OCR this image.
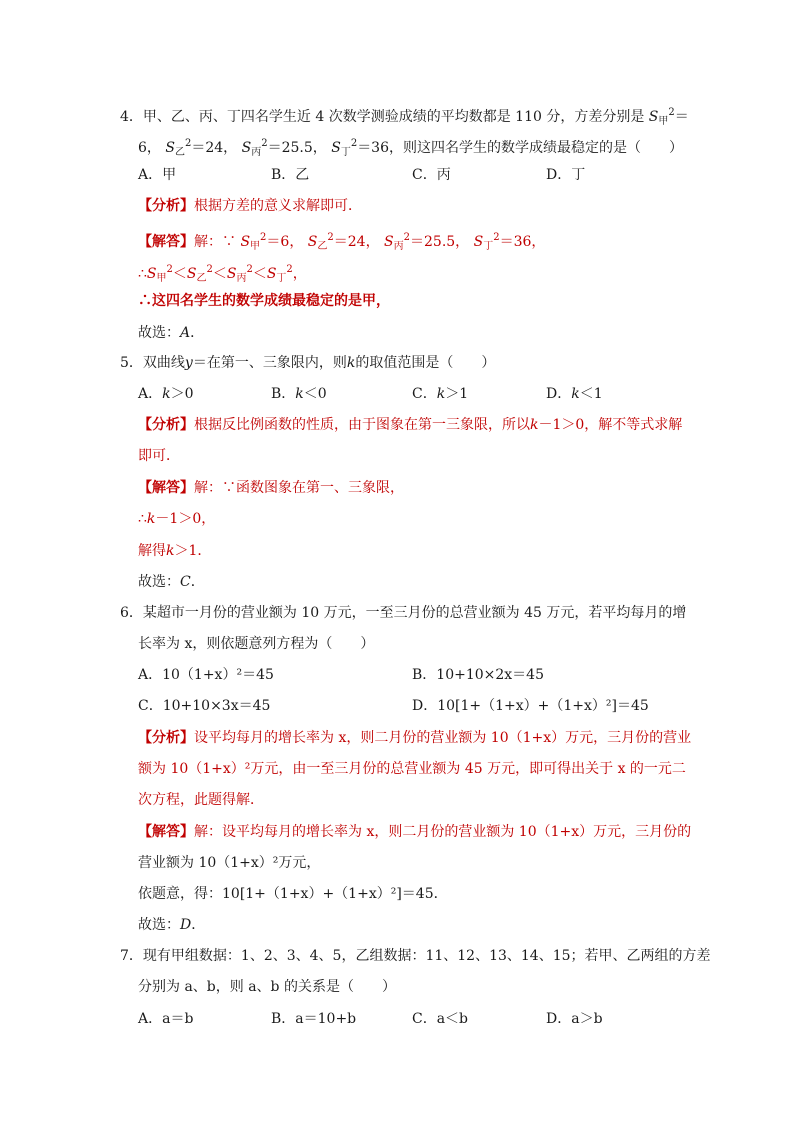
4．甲、乙、丙、丁四名学生近 4 次数学测验成绩的平均数都是 110 分，方差分别是 $S_甲^2=$
6， $S_乙^2=24$， $S_丙^2=25.5$， $S_丁^2=36$，则这四名学生的数学成绩最稳定的是（　　）
A．甲	B．乙	C．丙	D．丁
【分析】根据方差的意义求解即可．
【解答】解：∵ $S_甲^2=6$， $S_乙^2=24$， $S_丙^2=25.5$， $S_丁^2=36$，
$\therefore S_甲^2<S_乙^2<S_丙^2<S_丁^2$，
∴这四名学生的数学成绩最稳定的是甲，
故选：A．
5．双曲线y＝在第一、三象限内，则k的取值范围是（　　）
A．k＞0	B．k＜0	C．k＞1	D．k＜1
【分析】根据反比例函数的性质，由于图象在第一三象限，所以k－1＞0，解不等式求解
即可．
【解答】解：∵函数图象在第一、三象限，
∴k－1＞0，
解得k＞1．
故选：C．
6．某超市一月份的营业额为 10 万元，一至三月份的总营业额为 45 万元，若平均每月的增
长率为 x，则依题意列方程为（　　）
A．10（1+x）²＝45	B．10+10×2x＝45
C．10+10×3x＝45	D．10[1+（1+x）+（1+x）²]＝45
【分析】设平均每月的增长率为 x，则二月份的营业额为 10（1+x）万元，三月份的营业
额为 10（1+x）²万元，由一至三月份的总营业额为 45 万元，即可得出关于 x 的一元二
次方程，此题得解．
【解答】解：设平均每月的增长率为 x，则二月份的营业额为 10（1+x）万元，三月份的
营业额为 10（1+x）²万元，
依题意，得：10[1+（1+x）+（1+x）²]＝45．
故选：D．
7．现有甲组数据：1、2、3、4、5，乙组数据：11、12、13、14、15；若甲、乙两组的方差
分别为 a、b，则 a、b 的关系是（　　）
A．a＝b	B．a＝10+b	C．a＜b	D．a＞b
